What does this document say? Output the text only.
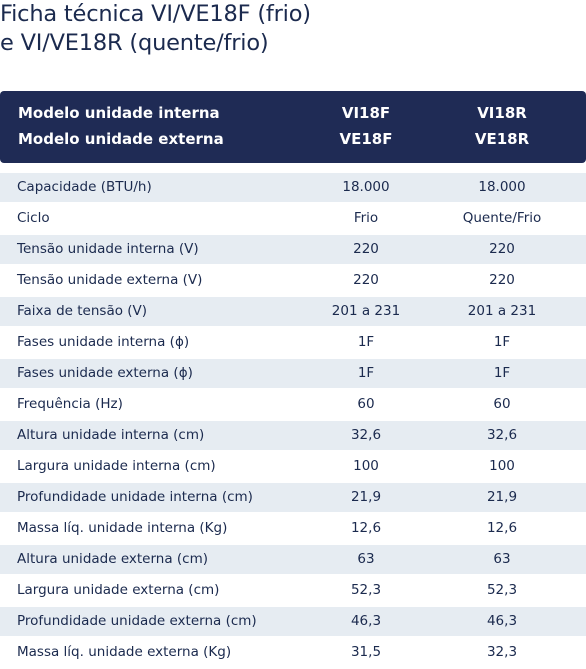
Ficha técnica VI/VE18F (frio)
e VI/VE18R (quente/frio)
Modelo unidade interna	VI18F	VI18R
Modelo unidade externa	VE18F	VE18R
Capacidade (BTU/h)	18.000	18.000
Ciclo	Frio	Quente/Frio
Tensão unidade interna (V)	220	220
Tensão unidade externa (V)	220	220
Faixa de tensão (V)	201 a 231	201 a 231
Fases unidade interna (ϕ)	1F	1F
Fases unidade externa (ϕ)	1F	1F
Frequência (Hz)	60	60
Altura unidade interna (cm)	32,6	32,6
Largura unidade interna (cm)	100	100
Profundidade unidade interna (cm)	21,9	21,9
Massa líq. unidade interna (Kg)	12,6	12,6
Altura unidade externa (cm)	63	63
Largura unidade externa (cm)	52,3	52,3
Profundidade unidade externa (cm)	46,3	46,3
Massa líq. unidade externa (Kg)	31,5	32,3
